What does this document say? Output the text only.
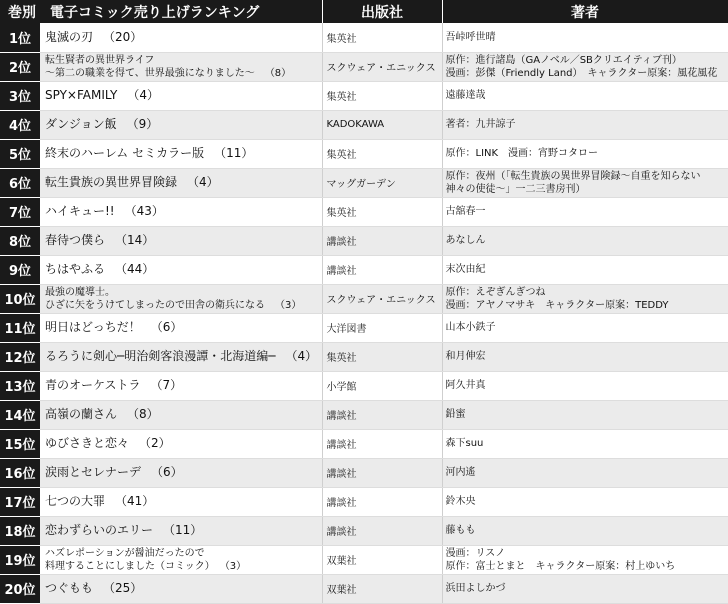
巻別　電子コミック売り上げランキング		出版社	著者
1位	鬼滅の刃 （20）	集英社	吾峠呼世晴

2位	転生賢者の異世界ライフ
～第二の職業を得て、世界最強になりました～ （8）	スクウェア・エニックス	原作：進行諸島（GAノベル／SBクリエイティブ刊）
漫画：彭傑（Friendly Land）　キャラクター原案：風花風花

3位	SPY×FAMILY （4）	集英社	遠藤達哉

4位	ダンジョン飯 （9）	KADOKAWA	著者：九井諒子

5位	終末のハーレム セミカラー版 （11）	集英社	原作：LINK　漫画：宵野コタロー

6位	転生貴族の異世界冒険録 （4）	マッグガーデン	原作：夜州（「転生貴族の異世界冒険録～自重を知らない
神々の使徒～」一二三書房刊）

7位	ハイキュー!! （43）	集英社	古舘春一

8位	春待つ僕ら （14）	講談社	あなしん

9位	ちはやふる （44）	講談社	末次由紀

10位	最強の魔導士。
ひざに矢をうけてしまったので田舎の衛兵になる （3）	スクウェア・エニックス	原作：えぞぎんぎつね
漫画：アヤノマサキ　キャラクター原案：TEDDY

11位	明日はどっちだ！ （6）	大洋図書	山本小鉄子

12位	るろうに剣心─明治剣客浪漫譚・北海道編─ （4）	集英社	和月伸宏

13位	青のオーケストラ （7）	小学館	阿久井真

14位	高嶺の蘭さん （8）	講談社	鉛蜜

15位	ゆびさきと恋々 （2）	講談社	森下suu

16位	涙雨とセレナーデ （6）	講談社	河内遙

17位	七つの大罪 （41）	講談社	鈴木央

18位	恋わずらいのエリー （11）	講談社	藤もも

19位	ハズレポーションが醤油だったので
料理することにしました（コミック） （3）	双葉社	漫画：リスノ
原作：富士とまと　キャラクター原案：村上ゆいち

20位	つぐもも （25）	双葉社	浜田よしかづ
